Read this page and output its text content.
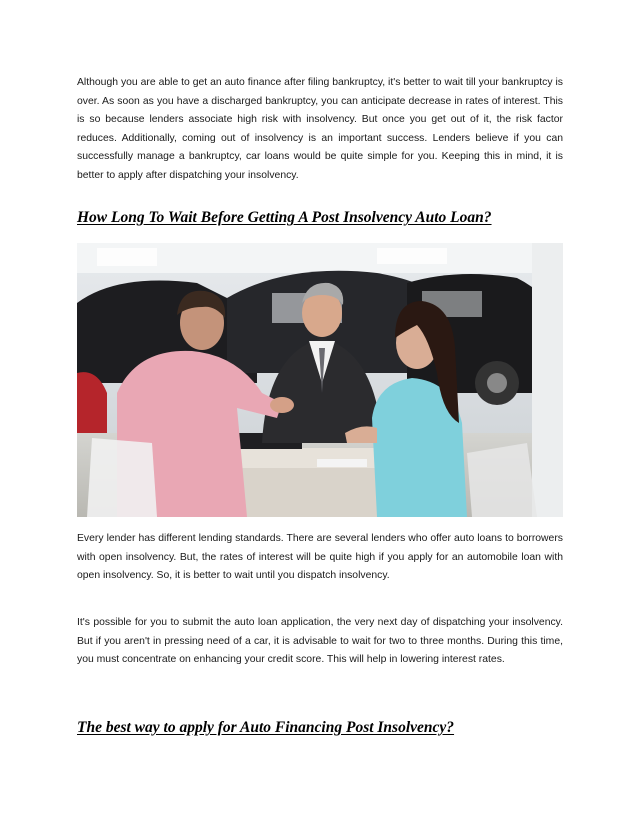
Although you are able to get an auto finance after filing bankruptcy, it's better to wait till your bankruptcy is over. As soon as you have a discharged bankruptcy, you can anticipate decrease in rates of interest. This is so because lenders associate high risk with insolvency. But once you get out of it, the risk factor reduces. Additionally, coming out of insolvency is an important success. Lenders believe if you can successfully manage a bankruptcy, car loans would be quite simple for you. Keeping this in mind, it is better to apply after dispatching your insolvency.

How Long To Wait Before Getting A Post Insolvency Auto Loan?

Every lender has different lending standards. There are several lenders who offer auto loans to borrowers with open insolvency. But, the rates of interest will be quite high if you apply for an automobile loan with open insolvency. So, it is better to wait until you dispatch insolvency.

It's possible for you to submit the auto loan application, the very next day of dispatching your insolvency. But if you aren't in pressing need of a car, it is advisable to wait for two to three months. During this time, you must concentrate on enhancing your credit score. This will help in lowering interest rates.

The best way to apply for Auto Financing Post Insolvency?
